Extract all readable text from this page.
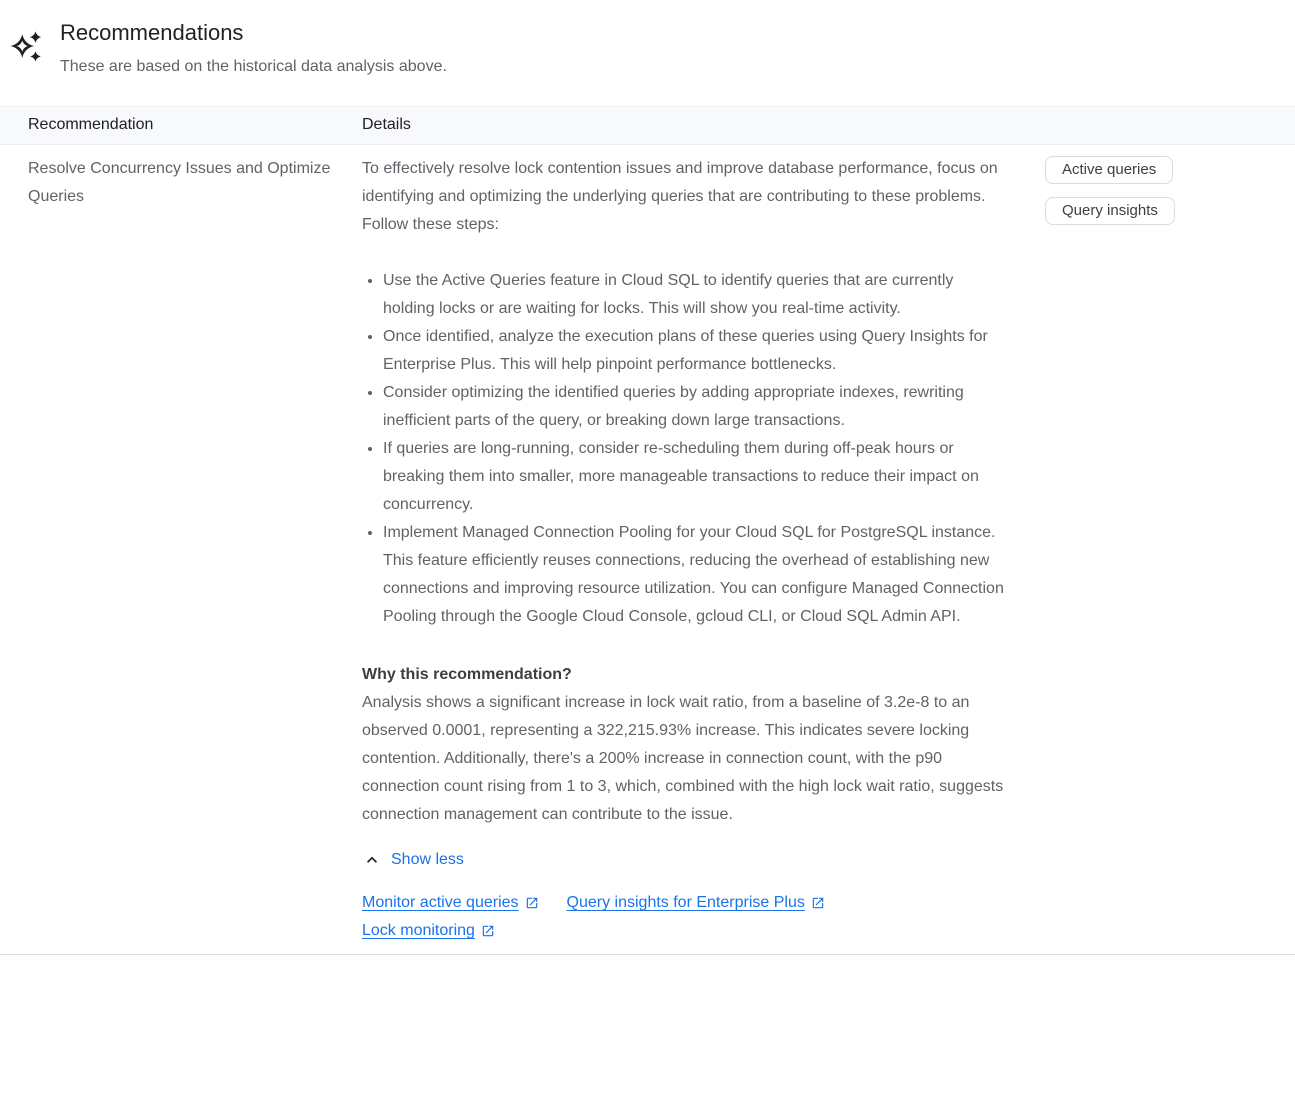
Recommendations
These are based on the historical data analysis above.
Recommendation	Details
Resolve Concurrency Issues and Optimize Queries

To effectively resolve lock contention issues and improve database performance, focus on identifying and optimizing the underlying queries that are contributing to these problems. Follow these steps:

• Use the Active Queries feature in Cloud SQL to identify queries that are currently holding locks or are waiting for locks. This will show you real-time activity.
• Once identified, analyze the execution plans of these queries using Query Insights for Enterprise Plus. This will help pinpoint performance bottlenecks.
• Consider optimizing the identified queries by adding appropriate indexes, rewriting inefficient parts of the query, or breaking down large transactions.
• If queries are long-running, consider re-scheduling them during off-peak hours or breaking them into smaller, more manageable transactions to reduce their impact on concurrency.
• Implement Managed Connection Pooling for your Cloud SQL for PostgreSQL instance. This feature efficiently reuses connections, reducing the overhead of establishing new connections and improving resource utilization. You can configure Managed Connection Pooling through the Google Cloud Console, gcloud CLI, or Cloud SQL Admin API.
Why this recommendation?

Analysis shows a significant increase in lock wait ratio, from a baseline of 3.2e-8 to an observed 0.0001, representing a 322,215.93% increase. This indicates severe locking contention. Additionally, there's a 200% increase in connection count, with the p90 connection count rising from 1 to 3, which, combined with the high lock wait ratio, suggests connection management can contribute to the issue.

Show less
Monitor active queries	Query insights for Enterprise Plus
Lock monitoring
Active queries
Query insights
